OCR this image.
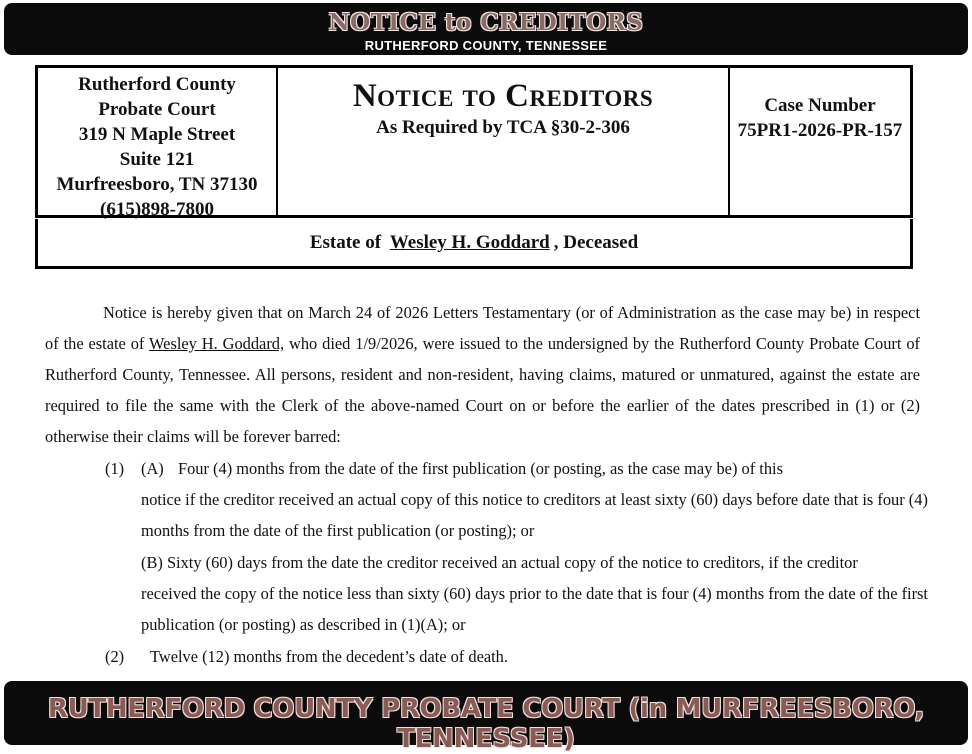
NOTICE to CREDITORS
RUTHERFORD COUNTY, TENNESSEE
Rutherford County
Probate Court
319 N Maple Street
Suite 121
Murfreesboro, TN 37130
(615)898-7800
Notice to Creditors
As Required by TCA §30-2-306
Case Number
75PR1-2026-PR-157
Estate of Wesley H. Goddard , Deceased

Notice is hereby given that on March 24 of 2026 Letters Testamentary (or of Administration as the case may be) in respect of the estate of Wesley H. Goddard, who died 1/9/2026, were issued to the undersigned by the Rutherford County Probate Court of Rutherford County, Tennessee. All persons, resident and non-resident, having claims, matured or unmatured, against the estate are required to file the same with the Clerk of the above-named Court on or before the earlier of the dates prescribed in (1) or (2) otherwise their claims will be forever barred:

(1) (A) Four (4) months from the date of the first publication (or posting, as the case may be) of this
notice if the creditor received an actual copy of this notice to creditors at least sixty (60) days before date that is four (4)
months from the date of the first publication (or posting); or
(B) Sixty (60) days from the date the creditor received an actual copy of the notice to creditors, if the creditor
received the copy of the notice less than sixty (60) days prior to the date that is four (4) months from the date of the first
publication (or posting) as described in (1)(A); or
(2) Twelve (12) months from the decedent’s date of death.
RUTHERFORD COUNTY PROBATE COURT (in MURFREESBORO, TENNESSEE)
